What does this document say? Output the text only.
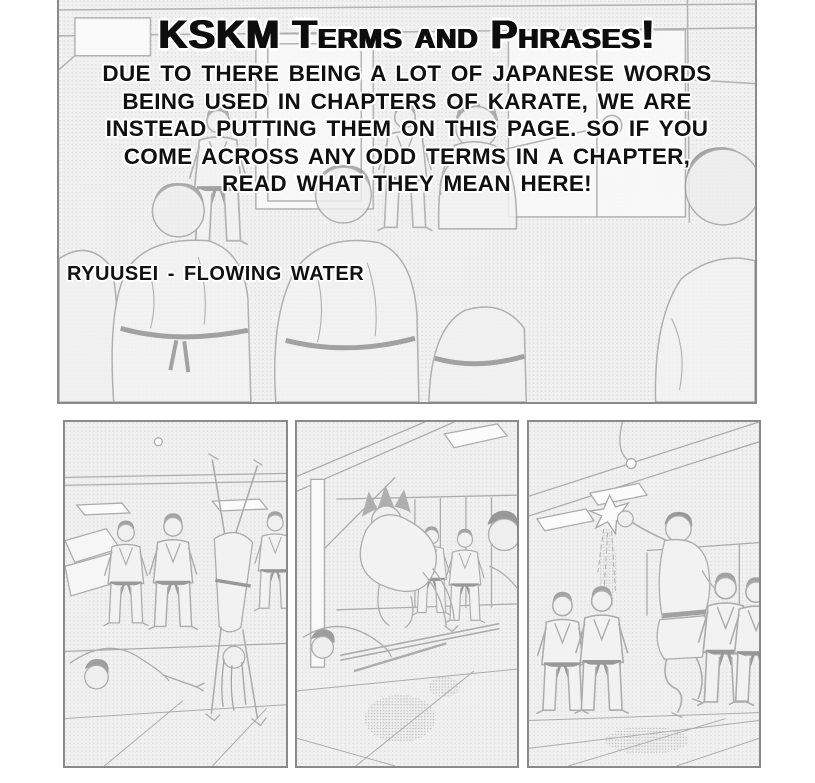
KSKM Terms and Phrases!

DUE TO THERE BEING A LOT OF JAPANESE WORDS

BEING USED IN CHAPTERS OF KARATE, WE ARE

INSTEAD PUTTING THEM ON THIS PAGE. SO IF YOU

COME ACROSS ANY ODD TERMS IN A CHAPTER,

READ WHAT THEY MEAN HERE!

RYUUSEI - FLOWING WATER
